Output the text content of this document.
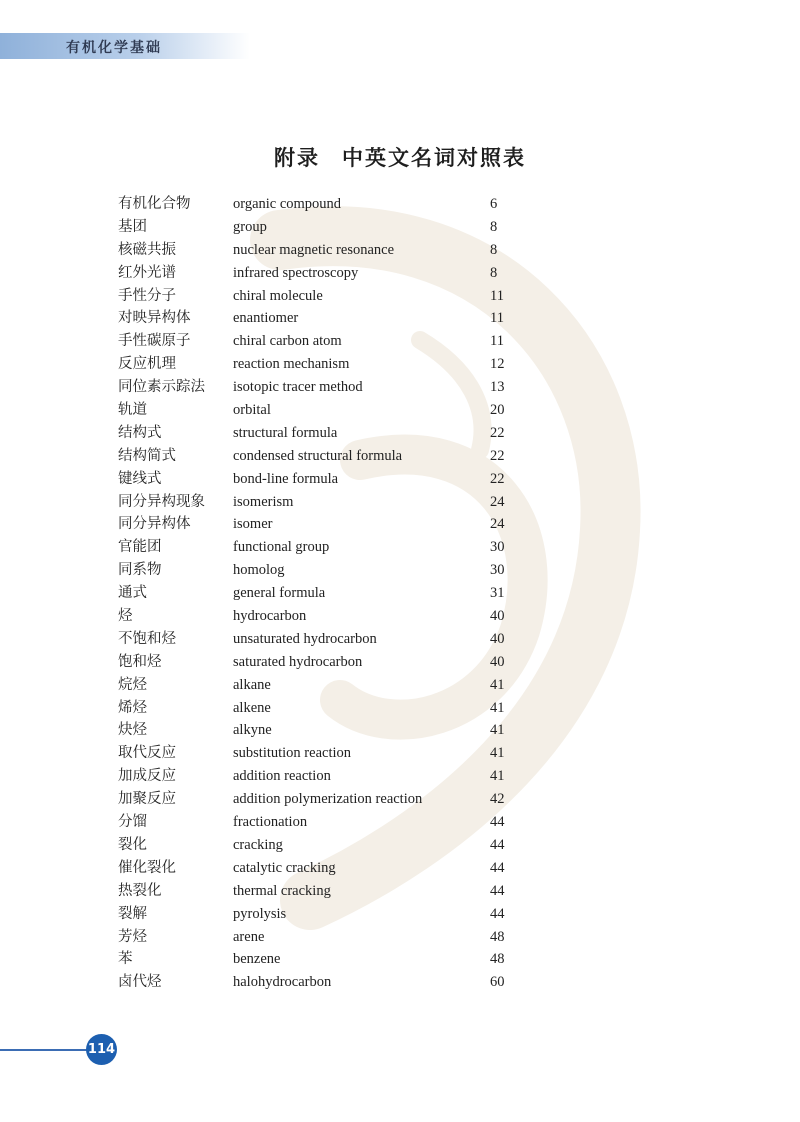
有机化学基础
附录 中英文名词对照表
有机化合物	organic compound	6
基团	group	8
核磁共振	nuclear magnetic resonance	8
红外光谱	infrared spectroscopy	8
手性分子	chiral molecule	11
对映异构体	enantiomer	11
手性碳原子	chiral carbon atom	11
反应机理	reaction mechanism	12
同位素示踪法 isotopic tracer method	13
轨道	orbital	20
结构式	structural formula	22
结构简式	condensed structural formula	22
键线式	bond-line formula	22
同分异构现象 isomerism	24
同分异构体	isomer	24
官能团	functional group	30
同系物	homolog	30
通式	general formula	31
烃	hydrocarbon	40
不饱和烃	unsaturated hydrocarbon	40
饱和烃	saturated hydrocarbon	40
烷烃	alkane	41
烯烃	alkene	41
炔烃	alkyne	41
取代反应	substitution reaction	41
加成反应	addition reaction	41
加聚反应	addition polymerization reaction	42
分馏	fractionation	44
裂化	cracking	44
催化裂化	catalytic cracking	44
热裂化	thermal cracking	44
裂解	pyrolysis	44
芳烃	arene	48
苯	benzene	48
卤代烃	halohydrocarbon	60
114
